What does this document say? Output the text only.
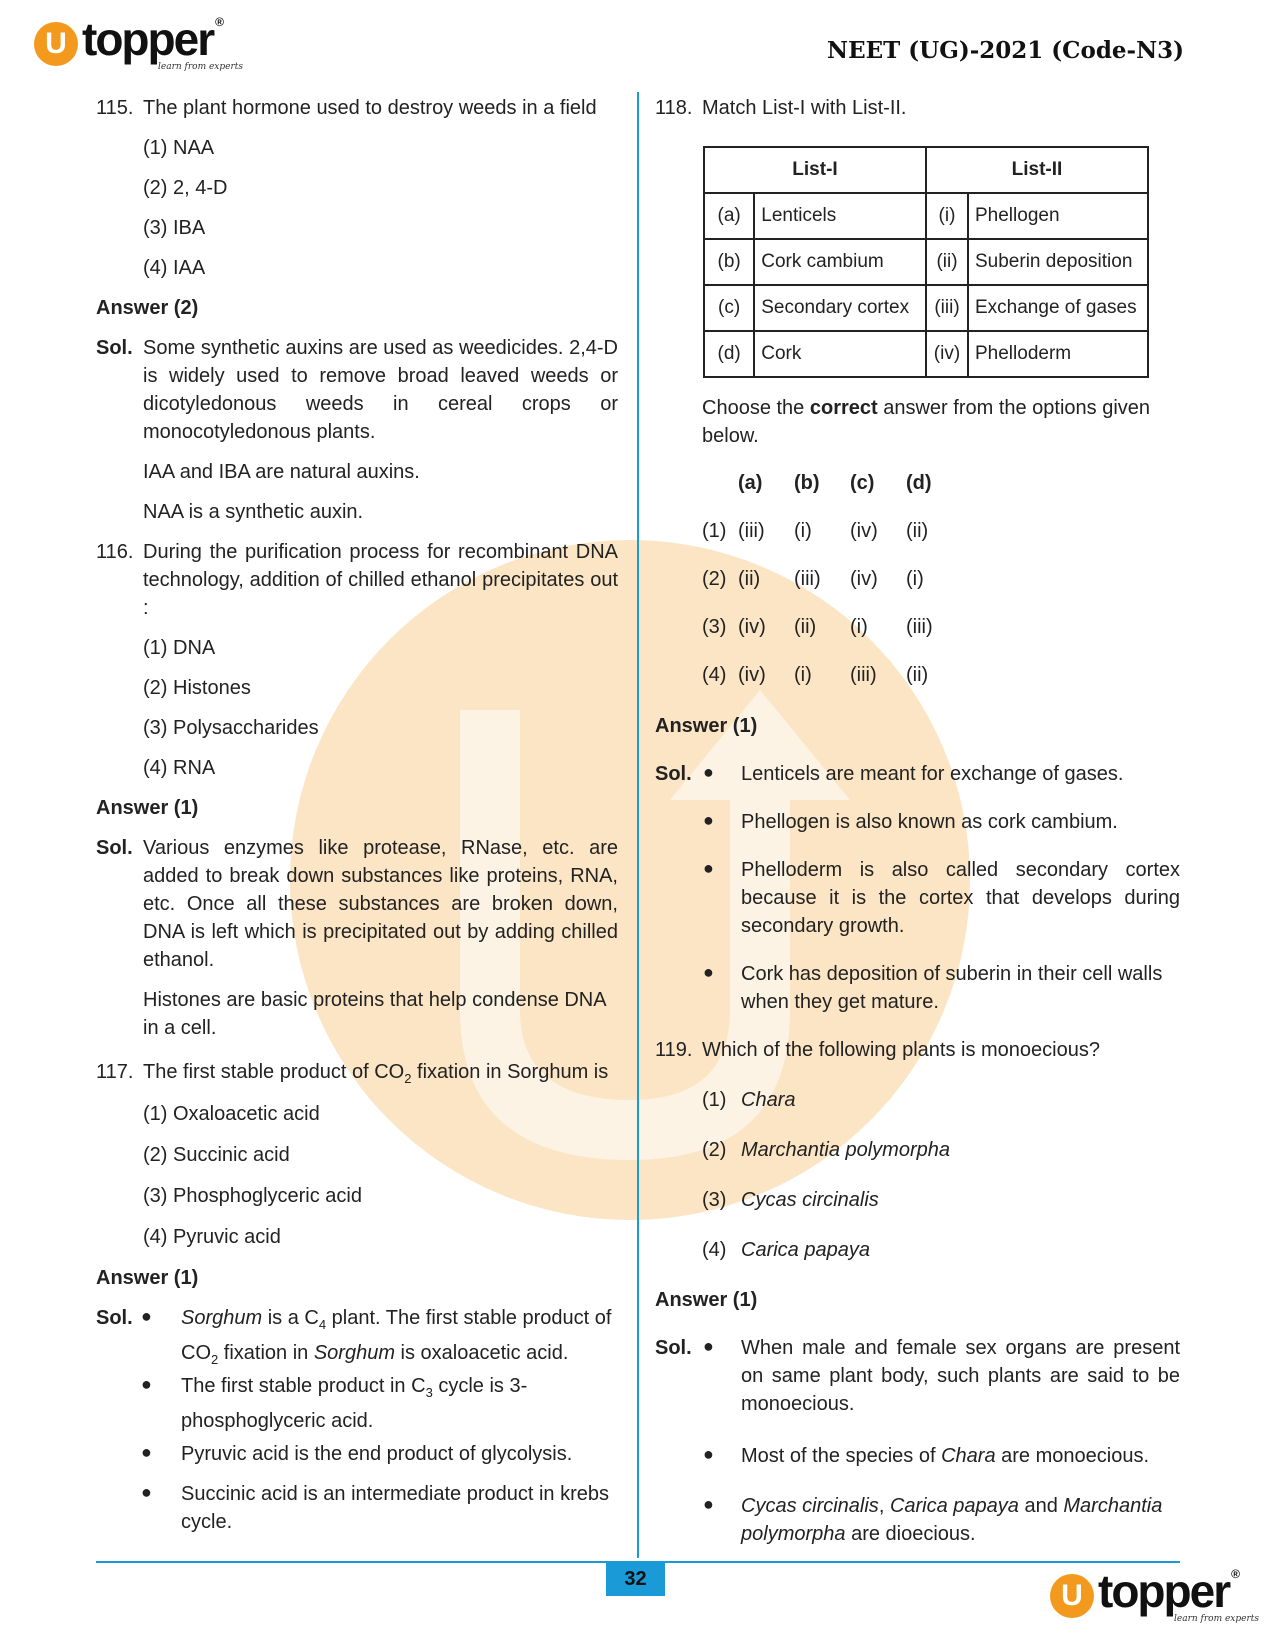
U topper ®
learn from experts
NEET (UG)-2021 (Code-N3)
32
U topper ®
learn from experts
115. The plant hormone used to destroy weeds in a field
(1) NAA
(2) 2, 4-D
(3) IBA
(4) IAA
Answer (2)
Sol. Some synthetic auxins are used as weedicides. 2,4-D is widely used to remove broad leaved weeds or dicotyledonous weeds in cereal crops or monocotyledonous plants.
IAA and IBA are natural auxins.
NAA is a synthetic auxin.
116. During the purification process for recombinant DNA technology, addition of chilled ethanol precipitates out :
(1) DNA
(2) Histones
(3) Polysaccharides
(4) RNA
Answer (1)
Sol. Various enzymes like protease, RNase, etc. are added to break down substances like proteins, RNA, etc. Once all these substances are broken down, DNA is left which is precipitated out by adding chilled ethanol.
Histones are basic proteins that help condense DNA in a cell.
117. The first stable product of $CO_2$ fixation in Sorghum is
(1) Oxaloacetic acid
(2) Succinic acid
(3) Phosphoglyceric acid
(4) Pyruvic acid
Answer (1)
Sol. ● Sorghum is a $C_4$ plant. The first stable product of $CO_2$ fixation in Sorghum is oxaloacetic acid.
● The first stable product in $C_3$ cycle is 3-phosphoglyceric acid.
● Pyruvic acid is the end product of glycolysis.
● Succinic acid is an intermediate product in krebs cycle.
118. Match List-I with List-II.
List-I		List-II	
(a)	Lenticels	(i)	Phellogen
(b)	Cork cambium	(ii)	Suberin deposition
(c)	Secondary cortex	(iii)	Exchange of gases
(d)	Cork	(iv)	Phelloderm
Choose the correct answer from the options given below.
(a) (b) (c) (d)
(1) (iii) (i) (iv) (ii)
(2) (ii) (iii) (iv) (i)
(3) (iv) (ii) (i) (iii)
(4) (iv) (i) (iii) (ii)
Answer (1)
Sol. ● Lenticels are meant for exchange of gases.
● Phellogen is also known as cork cambium.
● Phelloderm is also called secondary cortex because it is the cortex that develops during secondary growth.
● Cork has deposition of suberin in their cell walls when they get mature.
119. Which of the following plants is monoecious?
(1) Chara
(2) Marchantia polymorpha
(3) Cycas circinalis
(4) Carica papaya
Answer (1)
Sol. ● When male and female sex organs are present on same plant body, such plants are said to be monoecious.
● Most of the species of Chara are monoecious.
● Cycas circinalis, Carica papaya and Marchantia polymorpha are dioecious.
